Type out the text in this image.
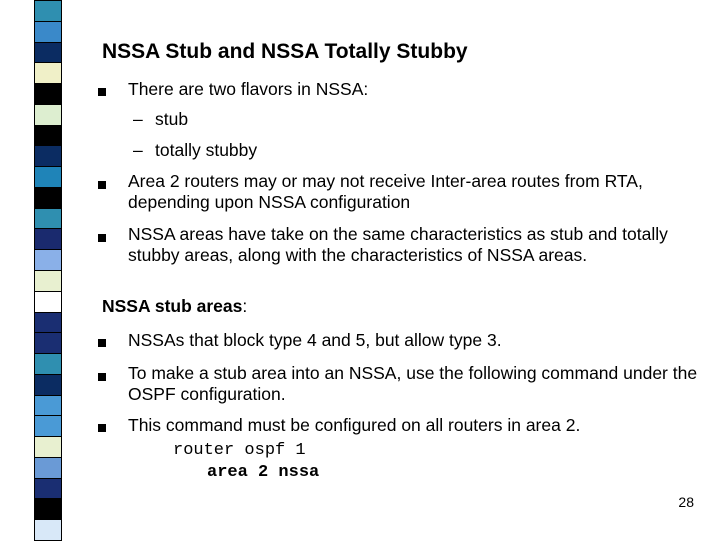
NSSA Stub and NSSA Totally Stubby
There are two flavors in NSSA:
– stub
– totally stubby
Area 2 routers may or may not receive Inter-area routes from RTA, depending upon NSSA configuration
NSSA areas have take on the same characteristics as stub and totally stubby areas, along with the characteristics of NSSA areas.
NSSA stub areas:
NSSAs that block type 4 and 5, but allow type 3.
To make a stub area into an NSSA, use the following command under the OSPF configuration.
This command must be configured on all routers in area 2.
router ospf 1
area 2 nssa
28
